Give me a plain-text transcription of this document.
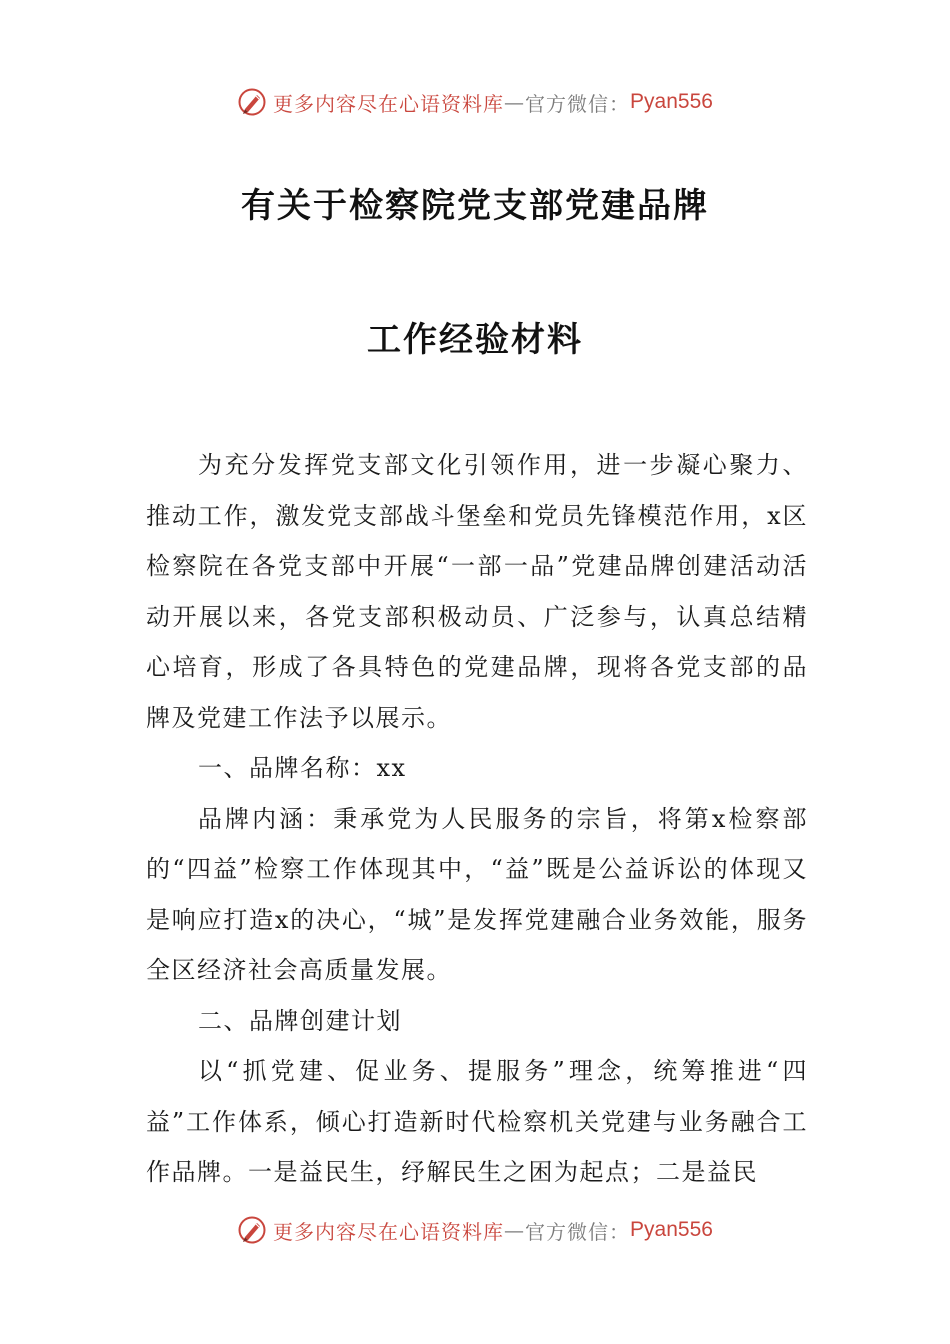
更多内容尽在心语资料库 — 官方微信： Pyan556
有关于检察院党支部党建品牌
工作经验材料

为充分发挥党支部文化引领作用，进一步凝心聚力、推动工作，激发党支部战斗堡垒和党员先锋模范作用，x区检察院在各党支部中开展“一部一品”党建品牌创建活动活动开展以来，各党支部积极动员、广泛参与，认真总结精心培育，形成了各具特色的党建品牌，现将各党支部的品牌及党建工作法予以展示。

一、品牌名称：xx

品牌内涵：秉承党为人民服务的宗旨，将第x检察部的“四益”检察工作体现其中，“益”既是公益诉讼的体现又是响应打造x的决心，“城”是发挥党建融合业务效能，服务全区经济社会高质量发展。

二、品牌创建计划

以“抓党建、促业务、提服务”理念，统筹推进“四益”工作体系，倾心打造新时代检察机关党建与业务融合工作品牌。一是益民生，纾解民生之困为起点；二是益民

更多内容尽在心语资料库 — 官方微信： Pyan556
